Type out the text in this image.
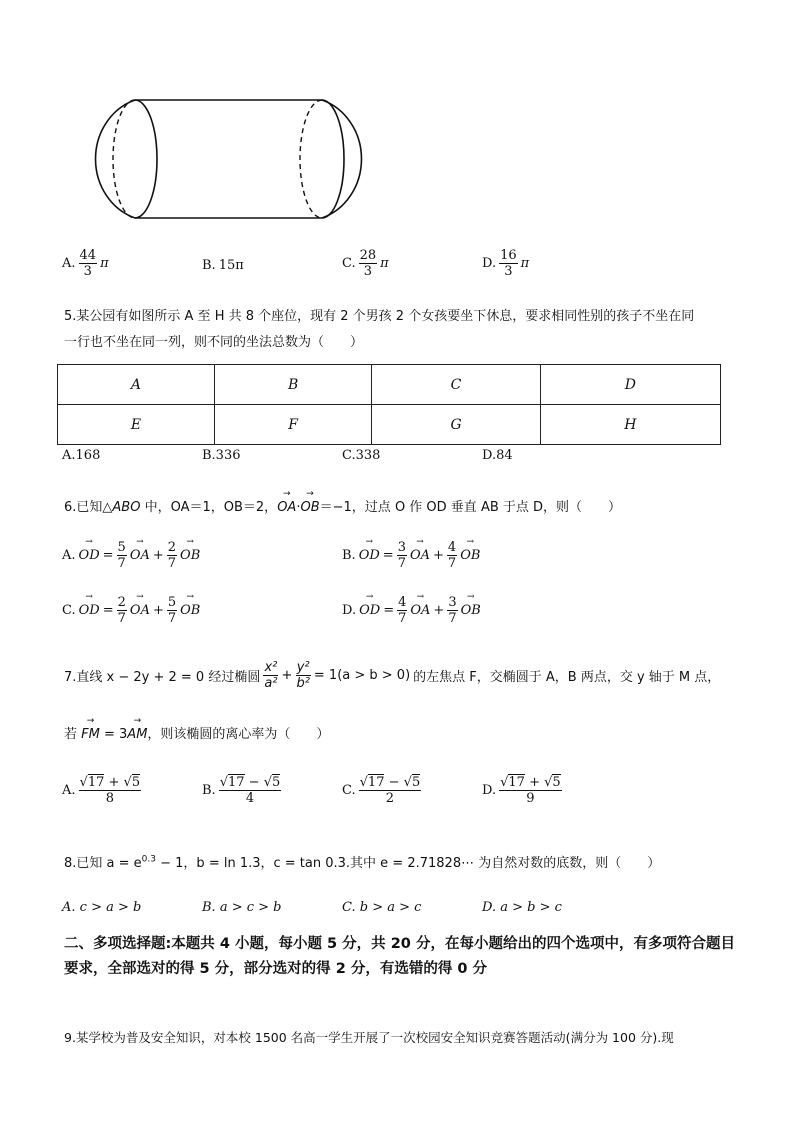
A. $\frac{44}{3}$ π	B. 15π	C. $\frac{28}{3}$ π	D. $\frac{16}{3}$ π
5.某公园有如图所示 A 至 H 共 8 个座位，现有 2 个男孩 2 个女孩要坐下休息，要求相同性别的孩子不坐在同
一行也不坐在同一列，则不同的坐法总数为（　　）
A	B	C	D
E	F	G	H
A.168	B.336	C.338	D.84
6.已知△ABO 中，OA＝1，OB＝2，→ OA·→ OB＝−1，过点 O 作 OD 垂直 AB 于点 D，则（　　）
A. → OD = $\frac{5}{7}$ → OA + $\frac{2}{7}$ → OB	B. → OD = $\frac{3}{7}$ → OA + $\frac{4}{7}$ → OB
C. → OD = $\frac{2}{7}$ → OA + $\frac{5}{7}$ → OB	D. → OD = $\frac{4}{7}$ → OA + $\frac{3}{7}$ → OB
7.直线 x − 2y + 2 = 0 经过椭圆 $\frac{\text{x²}}{\text{a²}} + \frac{\text{y²}}{\text{b²}} = 1(a > b > 0)$ 的左焦点 F，交椭圆于 A，B 两点，交 y 轴于 M 点，
若 → FM = 3→ AM，则该椭圆的离心率为（　　）
A. $\frac{√17 + √5}{8}$	B. $\frac{√17 - √5}{4}$	C. $\frac{√17 - √5}{2}$	D. $\frac{√17 + √5}{9}$
8.已知 $a = e^{0.3} - 1$，b = ln 1.3，c = tan 0.3.其中 e = 2.71828⋯ 为自然对数的底数，则（　　）
A. c > a > b	B. a > c > b	C. b > a > c	D. a > b > c
二、多项选择题:本题共 4 小题，每小题 5 分，共 20 分，在每小题给出的四个选项中，有多项符合题目要求，全部选对的得 5 分，部分选对的得 2 分，有选错的得 0 分
9.某学校为普及安全知识，对本校 1500 名高一学生开展了一次校园安全知识竞赛答题活动(满分为 100 分).现
